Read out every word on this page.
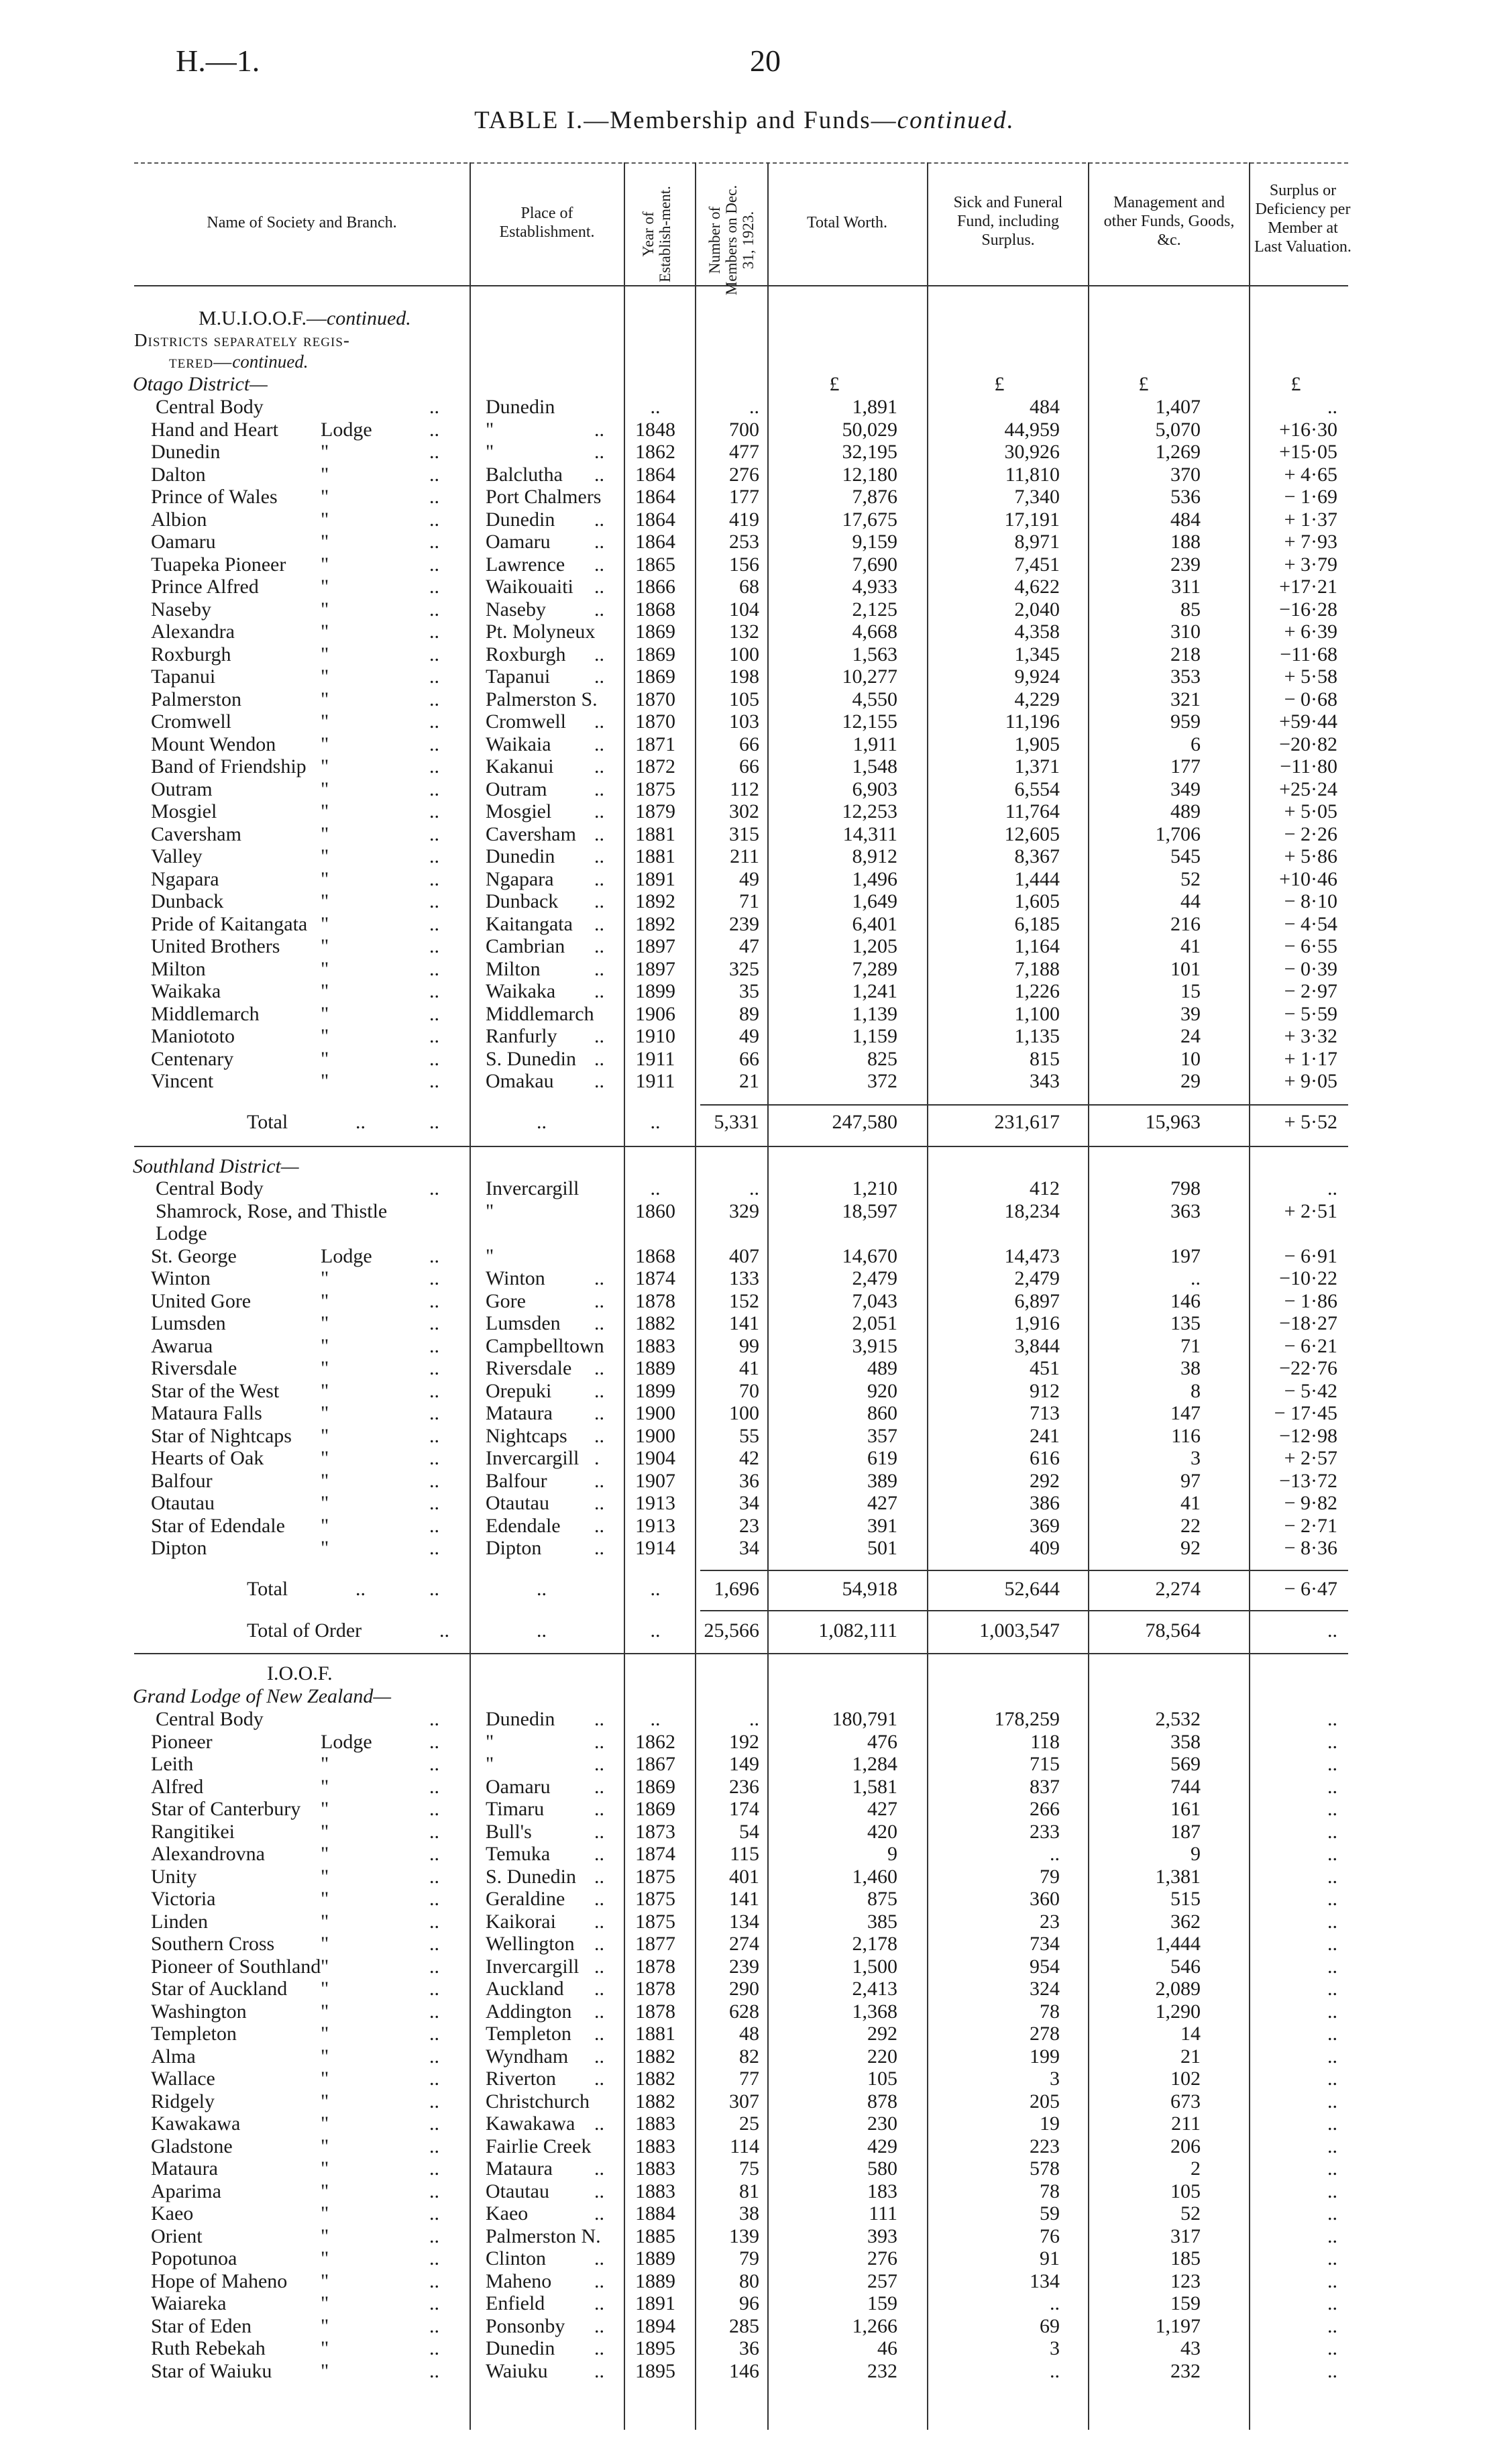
H.—1.	20
TABLE I.—Membership and Funds—continued.
Name of Society and Branch.
Place of Establishment.	Year of Establish-ment.	Number of Members on Dec. 31, 1923.	Total Worth.
Sick and Funeral Fund, including Surplus.
Management and other Funds, Goods, &c.
Surplus or Deficiency per Member at Last Valuation.
M.U.I.O.O.F.—continued.
Districts separately regis-
tered—continued.
Otago District—	£	£	£	£
Central Body	.. Dunedin	..	..	1,891	484	1,407	..
Hand and Heart Lodge	.. "	..	1848	700	50,029	44,959	5,070	+16·30
Dunedin	"	.. "	..	1862	477	32,195	30,926	1,269	+15·05
Dalton	"	.. Balclutha ..	1864	276	12,180	11,810	370	+ 4·65
Prince of Wales "	.. Port Chalmers	1864	177	7,876	7,340	536	− 1·69
Albion	"	.. Dunedin ..	1864	419	17,675	17,191	484	+ 1·37
Oamaru	"	.. Oamaru ..	1864	253	9,159	8,971	188	+ 7·93
Tuapeka Pioneer "	.. Lawrence ..	1865	156	7,690	7,451	239	+ 3·79
Prince Alfred	"	.. Waikouaiti ..	1866	68	4,933	4,622	311	+17·21
Naseby	"	.. Naseby ..	1868	104	2,125	2,040	85	−16·28
Alexandra	"	.. Pt. Molyneux	1869	132	4,668	4,358	310	+ 6·39
Roxburgh	"	.. Roxburgh ..	1869	100	1,563	1,345	218	−11·68
Tapanui	"	.. Tapanui ..	1869	198	10,277	9,924	353	+ 5·58
Palmerston	"	.. Palmerston S.	1870	105	4,550	4,229	321	− 0·68
Cromwell	"	.. Cromwell ..	1870	103	12,155	11,196	959	+59·44
Mount Wendon "	.. Waikaia ..	1871	66	1,911	1,905	6	−20·82
Band of Friendship "	.. Kakanui ..	1872	66	1,548	1,371	177	−11·80
Outram	"	.. Outram ..	1875	112	6,903	6,554	349	+25·24
Mosgiel	"	.. Mosgiel ..	1879	302	12,253	11,764	489	+ 5·05
Caversham	"	.. Caversham ..	1881	315	14,311	12,605	1,706	− 2·26
Valley	"	.. Dunedin ..	1881	211	8,912	8,367	545	+ 5·86
Ngapara	"	.. Ngapara ..	1891	49	1,496	1,444	52	+10·46
Dunback	"	.. Dunback ..	1892	71	1,649	1,605	44	− 8·10
Pride of Kaitangata "	.. Kaitangata ..	1892	239	6,401	6,185	216	− 4·54
United Brothers "	.. Cambrian ..	1897	47	1,205	1,164	41	− 6·55
Milton	"	.. Milton	..	1897	325	7,289	7,188	101	− 0·39
Waikaka	"	.. Waikaka ..	1899	35	1,241	1,226	15	− 2·97
Middlemarch	"	.. Middlemarch	1906	89	1,139	1,100	39	− 5·59
Maniototo	"	.. Ranfurly ..	1910	49	1,159	1,135	24	+ 3·32
Centenary	"	.. S. Dunedin ..	1911	66	825	815	10	+ 1·17
Vincent	"	.. Omakau ..	1911	21	372	343	29	+ 9·05
Total	..	..	..	..	5,331	247,580	231,617	15,963	+ 5·52
Southland District—
Central Body	.. Invercargill	..	..	1,210	412	798	..
Shamrock, Rose, and Thistle	"	1860	329	18,597	18,234	363	+ 2·51
Lodge
St. George	Lodge	.. "	1868	407	14,670	14,473	197	− 6·91
Winton	"	.. Winton ..	1874	133	2,479	2,479	..	−10·22
United Gore	"	.. Gore	..	1878	152	7,043	6,897	146	− 1·86
Lumsden	"	.. Lumsden ..	1882	141	2,051	1,916	135	−18·27
Awarua	"	.. Campbelltown	1883	99	3,915	3,844	71	− 6·21
Riversdale	"	.. Riversdale ..	1889	41	489	451	38	−22·76
Star of the West "	.. Orepuki ..	1899	70	920	912	8	− 5·42
Mataura Falls	"	.. Mataura ..	1900	100	860	713	147	− 17·45
Star of Nightcaps "	.. Nightcaps ..	1900	55	357	241	116	−12·98
Hearts of Oak	"	.. Invercargill .	1904	42	619	616	3	+ 2·57
Balfour	"	.. Balfour ..	1907	36	389	292	97	−13·72
Otautau	"	.. Otautau ..	1913	34	427	386	41	− 9·82
Star of Edendale "	.. Edendale ..	1913	23	391	369	22	− 2·71
Dipton	"	.. Dipton	..	1914	34	501	409	92	− 8·36
Total	..	..	..	..	1,696	54,918	52,644	2,274	− 6·47
Total of Order	..	..	..	25,566	1,082,111	1,003,547	78,564	..
I.O.O.F.
Grand Lodge of New Zealand—
Central Body	.. Dunedin ..	..	..	180,791	178,259	2,532	..
Pioneer	Lodge	.. "	..	1862	192	476	118	358	..
Leith	"	.. "	..	1867	149	1,284	715	569	..
Alfred	"	.. Oamaru ..	1869	236	1,581	837	744	..
Star of Canterbury "	.. Timaru ..	1869	174	427	266	161	..
Rangitikei	"	.. Bull's	..	1873	54	420	233	187	..
Alexandrovna	"	.. Temuka ..	1874	115	9	..	9	..
Unity	"	.. S. Dunedin ..	1875	401	1,460	79	1,381	..
Victoria	"	.. Geraldine ..	1875	141	875	360	515	..
Linden	"	.. Kaikorai ..	1875	134	385	23	362	..
Southern Cross "	.. Wellington ..	1877	274	2,178	734	1,444	..
Pioneer of Southland "	.. Invercargill ..	1878	239	1,500	954	546	..
Star of Auckland "	.. Auckland ..	1878	290	2,413	324	2,089	..
Washington	"	.. Addington ..	1878	628	1,368	78	1,290	..
Templeton	"	.. Templeton ..	1881	48	292	278	14	..
Alma	"	.. Wyndham ..	1882	82	220	199	21	..
Wallace	"	.. Riverton ..	1882	77	105	3	102	..
Ridgely	"	.. Christchurch	1882	307	878	205	673	..
Kawakawa	"	.. Kawakawa ..	1883	25	230	19	211	..
Gladstone	"	.. Fairlie Creek	1883	114	429	223	206	..
Mataura	"	.. Mataura ..	1883	75	580	578	2	..
Aparima	"	.. Otautau ..	1883	81	183	78	105	..
Kaeo	"	.. Kaeo	..	1884	38	111	59	52	..
Orient	"	.. Palmerston N.	1885	139	393	76	317	..
Popotunoa	"	.. Clinton ..	1889	79	276	91	185	..
Hope of Maheno "	.. Maheno ..	1889	80	257	134	123	..
Waiareka	"	.. Enfield ..	1891	96	159	..	159	..
Star of Eden	"	.. Ponsonby ..	1894	285	1,266	69	1,197	..
Ruth Rebekah	"	.. Dunedin ..	1895	36	46	3	43	..
Star of Waiuku "	.. Waiuku ..	1895	146	232	..	232	..
